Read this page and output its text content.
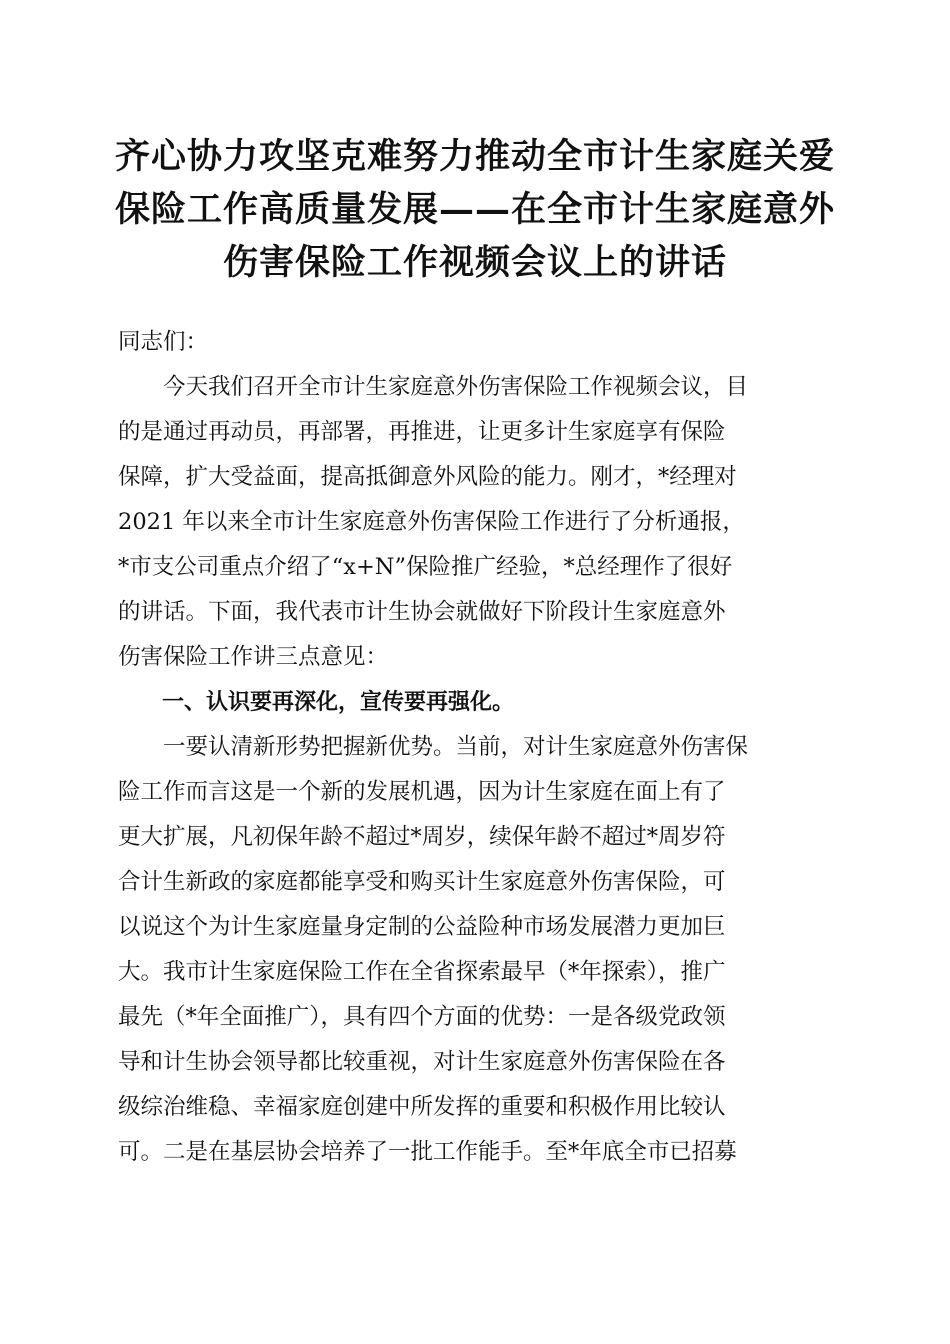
齐心协力攻坚克难努力推动全市计生家庭关爱
保险工作高质量发展——在全市计生家庭意外
伤害保险工作视频会议上的讲话
同志们：
　　今天我们召开全市计生家庭意外伤害保险工作视频会议，目
的是通过再动员，再部署，再推进，让更多计生家庭享有保险
保障，扩大受益面，提高抵御意外风险的能力。刚才，*经理对
2021 年以来全市计生家庭意外伤害保险工作进行了分析通报，
*市支公司重点介绍了“x+N”保险推广经验，*总经理作了很好
的讲话。下面，我代表市计生协会就做好下阶段计生家庭意外
伤害保险工作讲三点意见：
　　一、认识要再深化，宣传要再强化。
　　一要认清新形势把握新优势。当前，对计生家庭意外伤害保
险工作而言这是一个新的发展机遇，因为计生家庭在面上有了
更大扩展，凡初保年龄不超过*周岁，续保年龄不超过*周岁符
合计生新政的家庭都能享受和购买计生家庭意外伤害保险，可
以说这个为计生家庭量身定制的公益险种市场发展潜力更加巨
大。我市计生家庭保险工作在全省探索最早（*年探索），推广
最先（*年全面推广），具有四个方面的优势：一是各级党政领
导和计生协会领导都比较重视，对计生家庭意外伤害保险在各
级综治维稳、幸福家庭创建中所发挥的重要和积极作用比较认
可。二是在基层协会培养了一批工作能手。至*年底全市已招募
